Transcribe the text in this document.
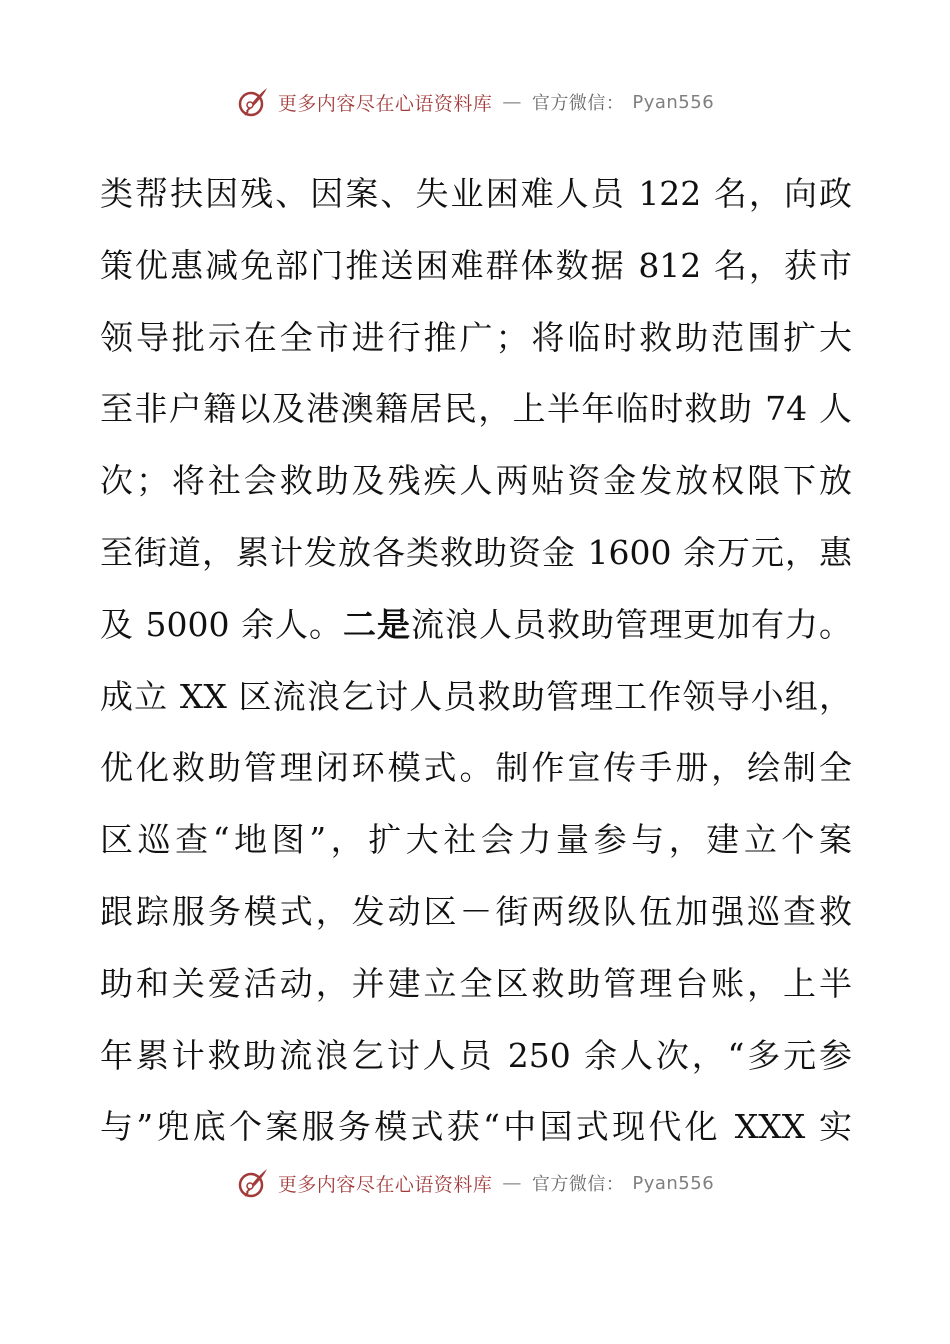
更多内容尽在心语资料库 — 官方微信： Pyan556
类帮扶因残、因案、失业困难人员 122 名，向政
策优惠减免部门推送困难群体数据 812 名，获市
领导批示在全市进行推广；将临时救助范围扩大
至非户籍以及港澳籍居民，上半年临时救助 74 人
次；将社会救助及残疾人两贴资金发放权限下放
至街道，累计发放各类救助资金 1600 余万元，惠
及 5000 余人。二是流浪人员救助管理更加有力。
成立 XX 区流浪乞讨人员救助管理工作领导小组，
优化救助管理闭环模式。制作宣传手册，绘制全
区巡查“地图”，扩大社会力量参与，建立个案
跟踪服务模式，发动区－街两级队伍加强巡查救
助和关爱活动，并建立全区救助管理台账，上半
年累计救助流浪乞讨人员 250 余人次，“多元参
与”兜底个案服务模式获“中国式现代化 XXX 实
更多内容尽在心语资料库 — 官方微信： Pyan556
